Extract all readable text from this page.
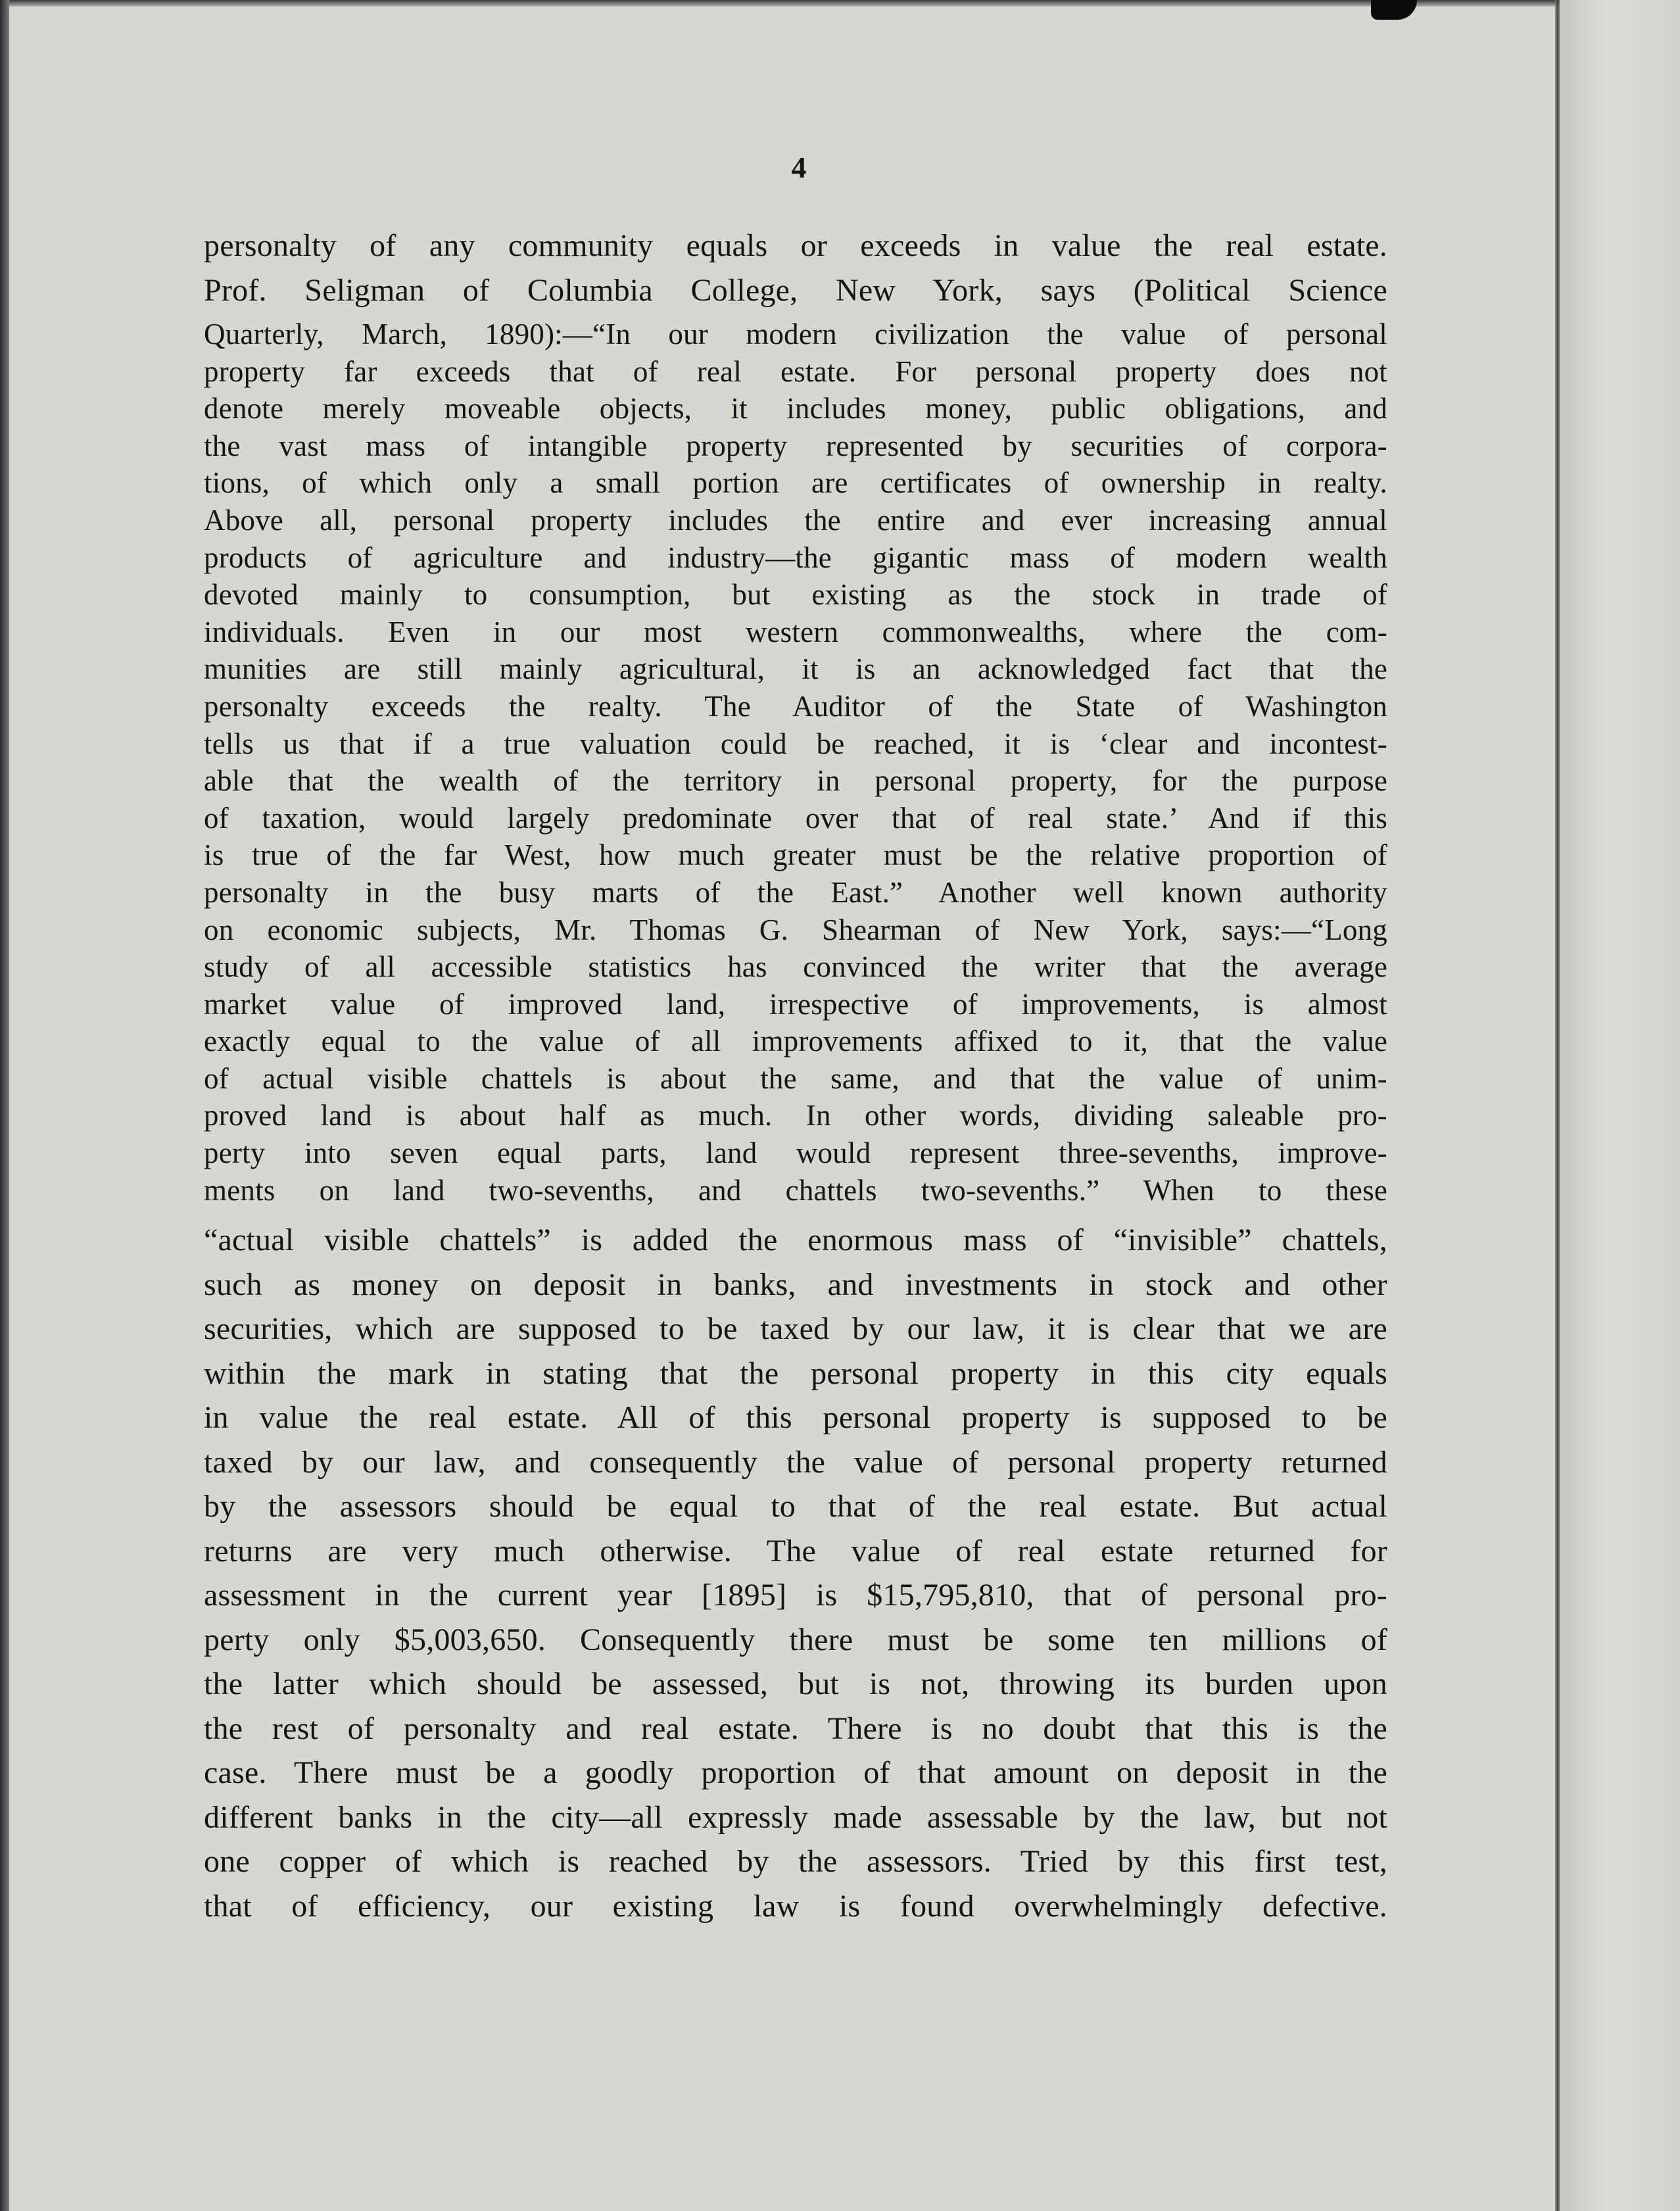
4
personalty of any community equals or exceeds in value the real estate.
Prof. Seligman of Columbia College, New York, says (Political Science
Quarterly, March, 1890):—“In our modern civilization the value of personal
property far exceeds that of real estate. For personal property does not
denote merely moveable objects, it includes money, public obligations, and
the vast mass of intangible property represented by securities of corpora-
tions, of which only a small portion are certificates of ownership in realty.
Above all, personal property includes the entire and ever increasing annual
products of agriculture and industry—the gigantic mass of modern wealth
devoted mainly to consumption, but existing as the stock in trade of
individuals. Even in our most western commonwealths, where the com-
munities are still mainly agricultural, it is an acknowledged fact that the
personalty exceeds the realty. The Auditor of the State of Washington
tells us that if a true valuation could be reached, it is ‘clear and incontest-
able that the wealth of the territory in personal property, for the purpose
of taxation, would largely predominate over that of real state.’ And if this
is true of the far West, how much greater must be the relative proportion of
personalty in the busy marts of the East.” Another well known authority
on economic subjects, Mr. Thomas G. Shearman of New York, says:—“Long
study of all accessible statistics has convinced the writer that the average
market value of improved land, irrespective of improvements, is almost
exactly equal to the value of all improvements affixed to it, that the value
of actual visible chattels is about the same, and that the value of unim-
proved land is about half as much. In other words, dividing saleable pro-
perty into seven equal parts, land would represent three-sevenths, improve-
ments on land two-sevenths, and chattels two-sevenths.” When to these
“actual visible chattels” is added the enormous mass of “invisible” chattels,
such as money on deposit in banks, and investments in stock and other
securities, which are supposed to be taxed by our law, it is clear that we are
within the mark in stating that the personal property in this city equals
in value the real estate. All of this personal property is supposed to be
taxed by our law, and consequently the value of personal property returned
by the assessors should be equal to that of the real estate. But actual
returns are very much otherwise. The value of real estate returned for
assessment in the current year [1895] is $15,795,810, that of personal pro-
perty only $5,003,650. Consequently there must be some ten millions of
the latter which should be assessed, but is not, throwing its burden upon
the rest of personalty and real estate. There is no doubt that this is the
case. There must be a goodly proportion of that amount on deposit in the
different banks in the city—all expressly made assessable by the law, but not
one copper of which is reached by the assessors. Tried by this first test,
that of efficiency, our existing law is found overwhelmingly defective.
